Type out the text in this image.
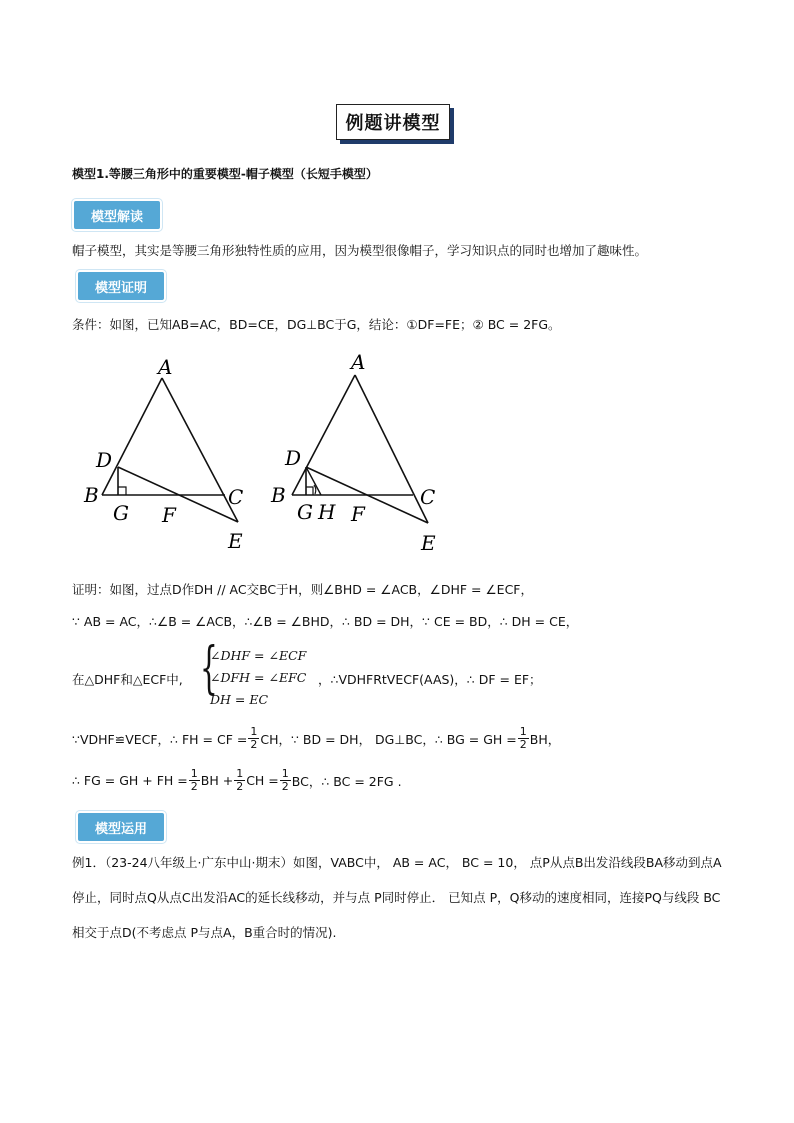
例题讲模型
模型1.等腰三角形中的重要模型-帽子模型（长短手模型）
模型解读
帽子模型，其实是等腰三角形独特性质的应用，因为模型很像帽子，学习知识点的同时也增加了趣味性。
模型证明
条件：如图，已知AB=AC，BD=CE，DG⊥BC于G，结论：①DF=FE；② BC = 2FG。
A
D
B
G F
C
E
A
D
B
G H F
C
E
证明：如图，过点D作DH // AC交BC于H，则∠BHD = ∠ACB，∠DHF = ∠ECF，
∵ AB = AC，∴∠B = ∠ACB，∴∠B = ∠BHD，∴ BD = DH，∵ CE = BD，∴ DH = CE，
在△DHF和△ECF中, {
∠DHF = ∠ECF
∠DFH = ∠EFC
DH = EC
，∴VDHFRtVECF(AAS)，∴ DF = EF；
∵VDHF≌VECF，∴ FH = CF = $\frac{1}{2}$ CH，∵ BD = DH， DG⊥BC，∴ BG = GH = $\frac{1}{2}$ BH，
∴ FG = GH + FH = $\frac{1}{2}$ BH + $\frac{1}{2}$ CH = $\frac{1}{2}$ BC，∴ BC = 2FG .
模型运用
例1．（23-24八年级上·广东中山·期末）如图，VABC中， AB = AC， BC = 10， 点P从点B出发沿线段BA移动到点A停止，同时点Q从点C出发沿AC的延长线移动，并与点 P同时停止． 已知点 P，Q移动的速度相同，连接PQ与线段 BC相交于点D(不考虑点 P与点A，B重合时的情况).
